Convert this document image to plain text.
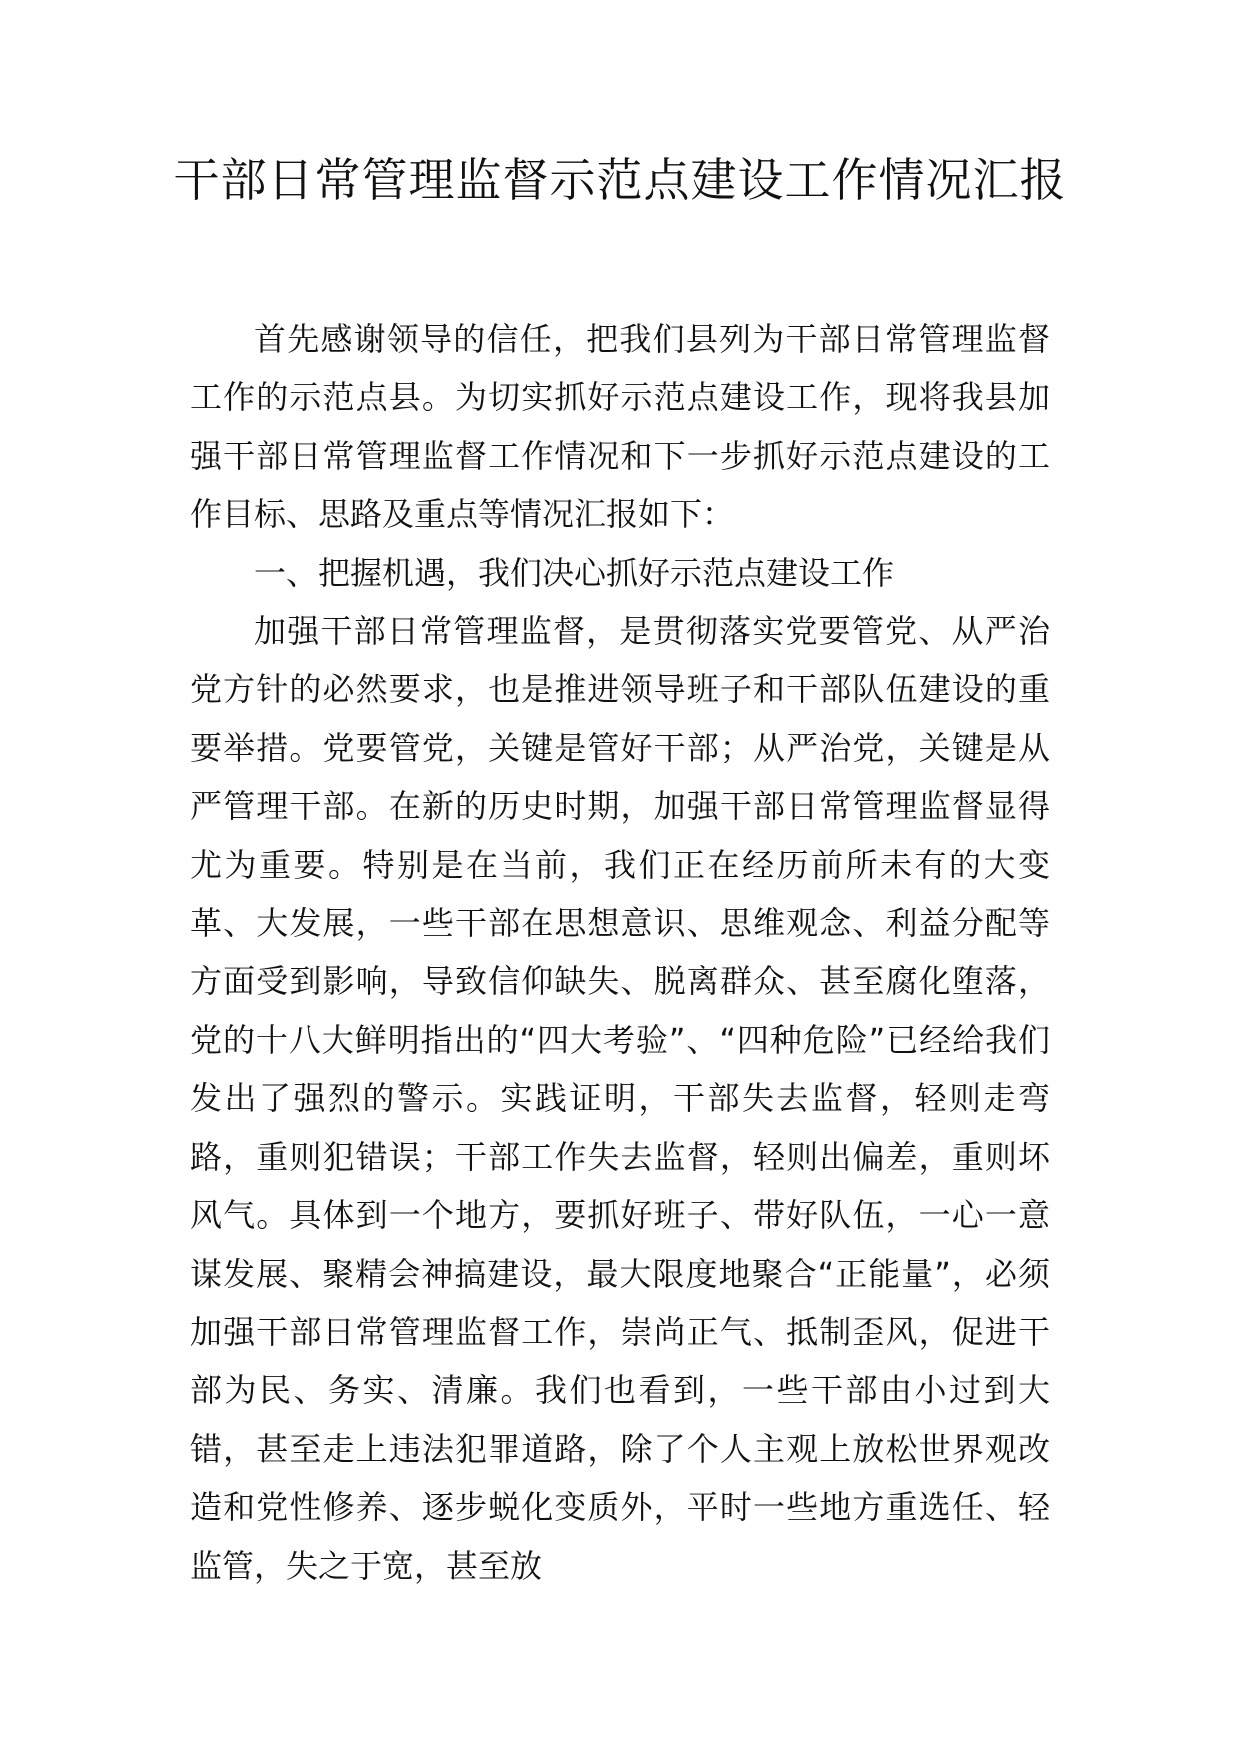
干部日常管理监督示范点建设工作情况汇报

首先感谢领导的信任，把我们县列为干部日常管理监督工作的示范点县。为切实抓好示范点建设工作，现将我县加强干部日常管理监督工作情况和下一步抓好示范点建设的工作目标、思路及重点等情况汇报如下：

一、把握机遇，我们决心抓好示范点建设工作

加强干部日常管理监督，是贯彻落实党要管党、从严治党方针的必然要求，也是推进领导班子和干部队伍建设的重要举措。党要管党，关键是管好干部；从严治党，关键是从严管理干部。在新的历史时期，加强干部日常管理监督显得尤为重要。特别是在当前，我们正在经历前所未有的大变革、大发展，一些干部在思想意识、思维观念、利益分配等方面受到影响，导致信仰缺失、脱离群众、甚至腐化堕落，党的十八大鲜明指出的“四大考验”、“四种危险”已经给我们发出了强烈的警示。实践证明，干部失去监督，轻则走弯路，重则犯错误；干部工作失去监督，轻则出偏差，重则坏风气。具体到一个地方，要抓好班子、带好队伍，一心一意谋发展、聚精会神搞建设，最大限度地聚合“正能量”，必须加强干部日常管理监督工作，崇尚正气、抵制歪风，促进干部为民、务实、清廉。我们也看到，一些干部由小过到大错，甚至走上违法犯罪道路，除了个人主观上放松世界观改造和党性修养、逐步蜕化变质外，平时一些地方重选任、轻监管，失之于宽，甚至放
